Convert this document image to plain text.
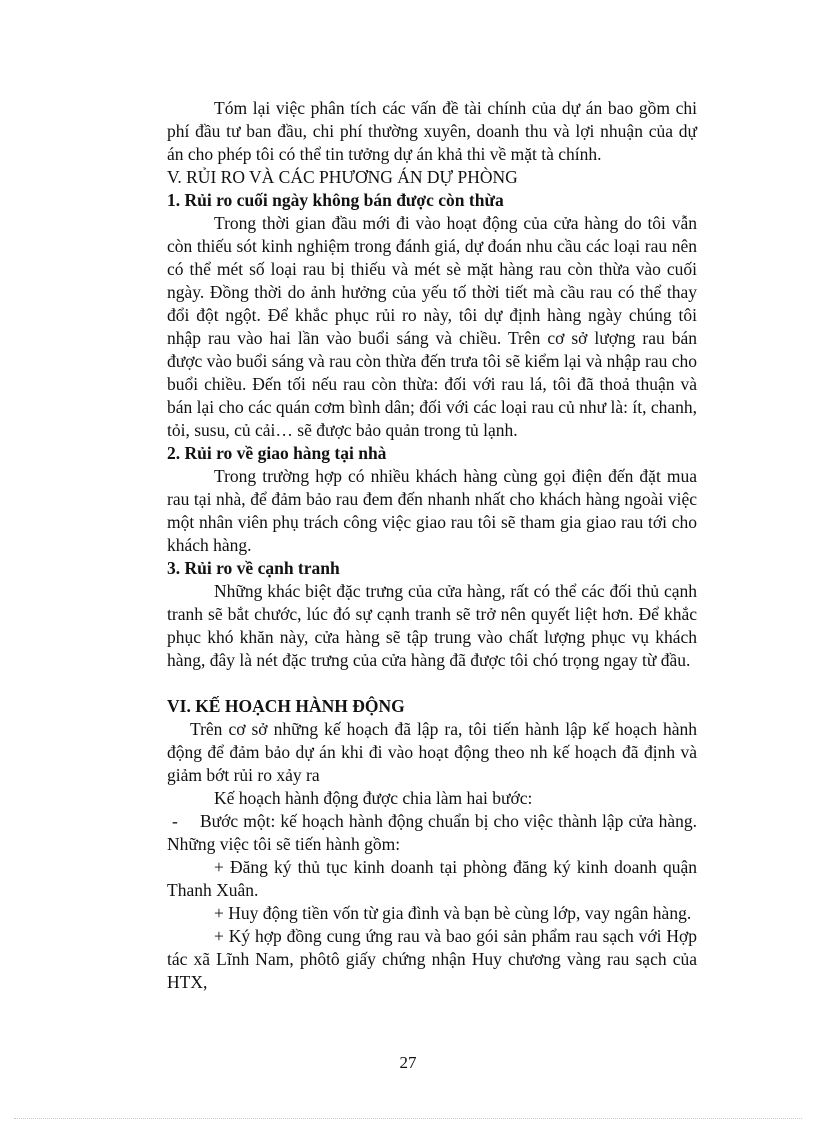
Tóm lại việc phân tích các vấn đề tài chính của dự án bao gồm chi phí đầu tư ban đầu, chi phí thường xuyên, doanh thu và lợi nhuận của dự án cho phép tôi có thể tin tưởng dự án khả thi về mặt tà chính.

V. RỦI RO VÀ CÁC PHƯƠNG ÁN DỰ PHÒNG

1. Rủi ro cuối ngày không bán được còn thừa

Trong thời gian đầu mới đi vào hoạt động của cửa hàng do tôi vẫn còn thiếu sót kinh nghiệm trong đánh giá, dự đoán nhu cầu các loại rau nên có thể mét số loại rau bị thiếu và mét sè mặt hàng rau còn thừa vào cuối ngày. Đồng thời do ảnh hưởng của yếu tố thời tiết mà cầu rau có thể thay đổi đột ngột. Để khắc phục rủi ro này, tôi dự định hàng ngày chúng tôi nhập rau vào hai lần vào buổi sáng và chiều. Trên cơ sở lượng rau bán được vào buổi sáng và rau còn thừa đến trưa tôi sẽ kiểm lại và nhập rau cho buổi chiều. Đến tối nếu rau còn thừa: đối với rau lá, tôi đã thoả thuận và bán lại cho các quán cơm bình dân; đối với các loại rau củ như là: ít, chanh, tỏi, susu, củ cải… sẽ được bảo quản trong tủ lạnh.

2. Rủi ro về giao hàng tại nhà

Trong trường hợp có nhiều khách hàng cùng gọi điện đến đặt mua rau tại nhà, để đảm bảo rau đem đến nhanh nhất cho khách hàng ngoài việc một nhân viên phụ trách công việc giao rau tôi sẽ tham gia giao rau tới cho khách hàng.

3. Rủi ro về cạnh tranh

Những khác biệt đặc trưng của cửa hàng, rất có thể các đối thủ cạnh tranh sẽ bắt chước, lúc đó sự cạnh tranh sẽ trở nên quyết liệt hơn. Để khắc phục khó khăn này, cửa hàng sẽ tập trung vào chất lượng phục vụ khách hàng, đây là nét đặc trưng của cửa hàng đã được tôi chó trọng ngay từ đầu.

VI. KẾ HOẠCH HÀNH ĐỘNG

Trên cơ sở những kế hoạch đã lập ra, tôi tiến hành lập kế hoạch hành động để đảm bảo dự án khi đi vào hoạt động theo nh kế hoạch đã định và giảm bớt rủi ro xảy ra

Kế hoạch hành động được chia làm hai bước:

- Bước một: kế hoạch hành động chuẩn bị cho việc thành lập cửa hàng. Những việc tôi sẽ tiến hành gồm:

+ Đăng ký thủ tục kinh doanh tại phòng đăng ký kinh doanh quận Thanh Xuân.

+ Huy động tiền vốn từ gia đình và bạn bè cùng lớp, vay ngân hàng.

+ Ký hợp đồng cung ứng rau và bao gói sản phẩm rau sạch với Hợp tác xã Lĩnh Nam, phôtô giấy chứng nhận Huy chương vàng rau sạch của HTX,

27
